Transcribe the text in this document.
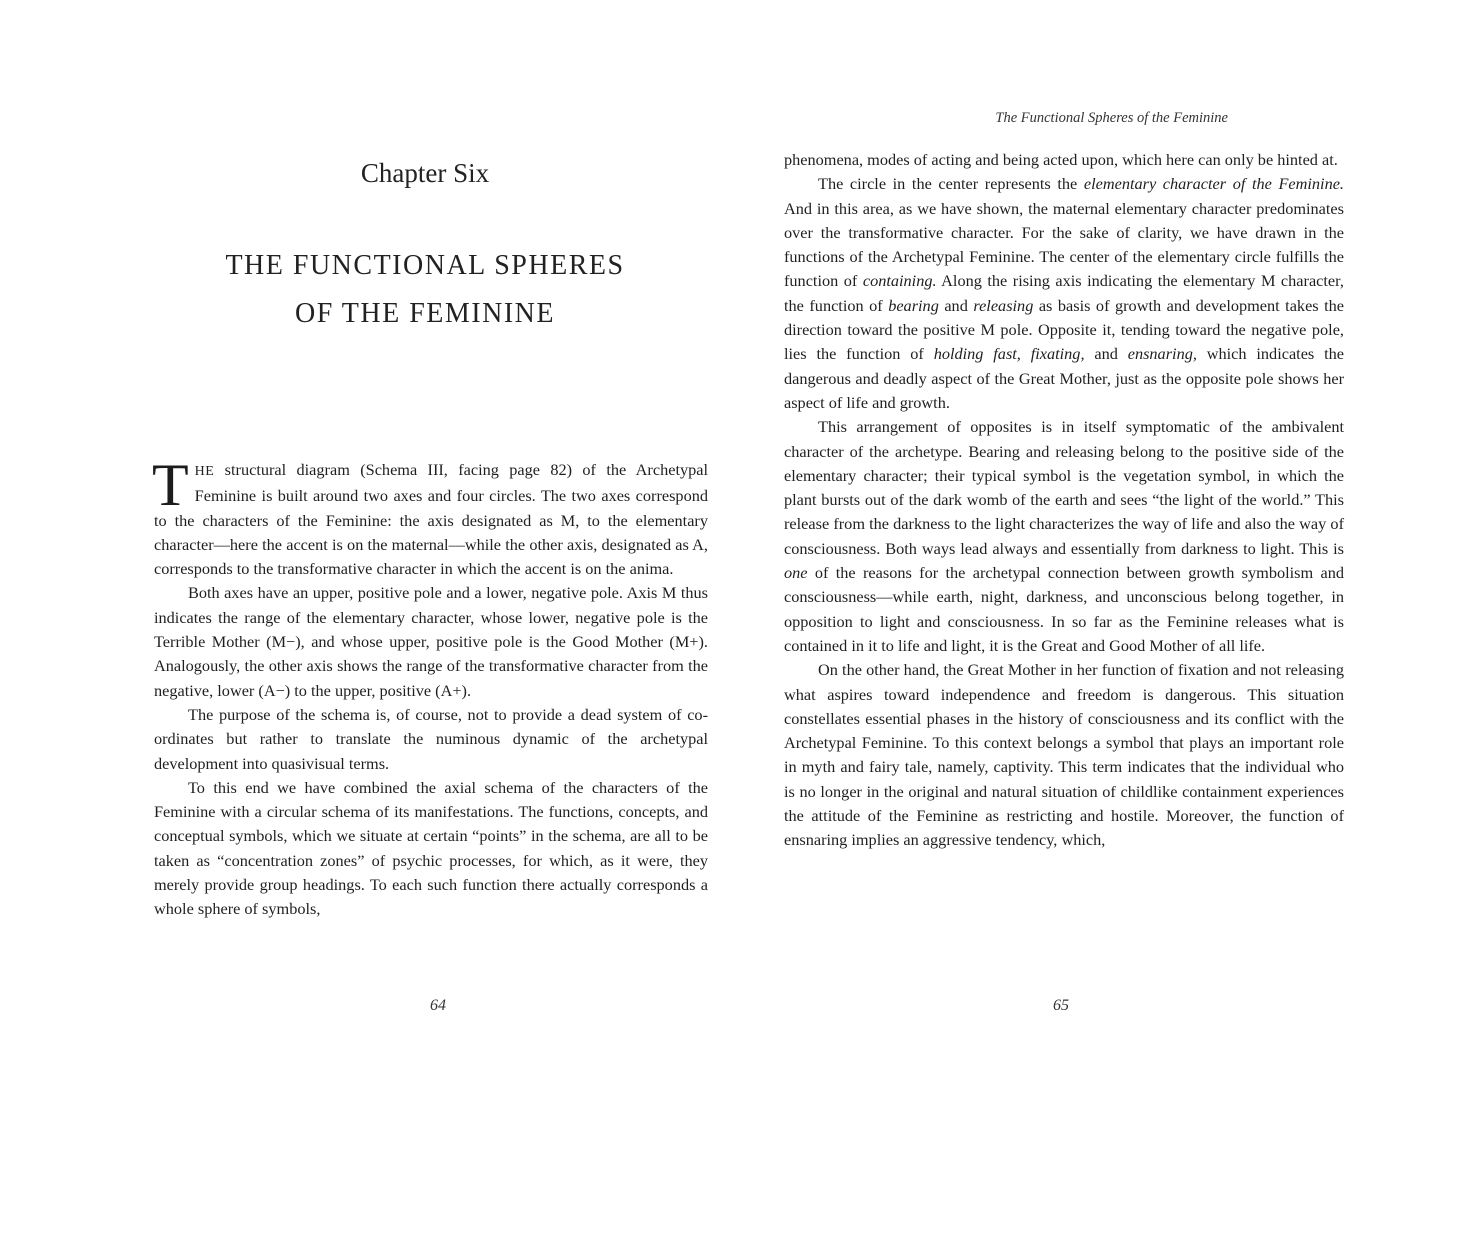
Chapter Six
THE FUNCTIONAL SPHERES
OF THE FEMININE

THE structural diagram (Schema III, facing page 82) of the Archetypal Feminine is built around two axes and four circles. The two axes correspond to the characters of the Feminine: the axis designated as M, to the elementary character—here the accent is on the maternal—while the other axis, designated as A, corresponds to the transformative character in which the accent is on the anima.

Both axes have an upper, positive pole and a lower, negative pole. Axis M thus indicates the range of the elementary character, whose lower, negative pole is the Terrible Mother (M−), and whose upper, positive pole is the Good Mother (M+). Analogously, the other axis shows the range of the transformative character from the negative, lower (A−) to the upper, positive (A+).

The purpose of the schema is, of course, not to provide a dead system of co-ordinates but rather to translate the numinous dynamic of the archetypal development into quasivisual terms.

To this end we have combined the axial schema of the characters of the Feminine with a circular schema of its manifestations. The functions, concepts, and conceptual symbols, which we situate at certain “points” in the schema, are all to be taken as “concentration zones” of psychic processes, for which, as it were, they merely provide group headings. To each such function there actually corresponds a whole sphere of symbols,

64
The Functional Spheres of the Feminine

phenomena, modes of acting and being acted upon, which here can only be hinted at.

The circle in the center represents the elementary character of the Feminine. And in this area, as we have shown, the maternal elementary character predominates over the transformative character. For the sake of clarity, we have drawn in the functions of the Archetypal Feminine. The center of the elementary circle fulfills the function of containing. Along the rising axis indicating the elementary M character, the function of bearing and releasing as basis of growth and development takes the direction toward the positive M pole. Opposite it, tending toward the negative pole, lies the function of holding fast, fixating, and ensnaring, which indicates the dangerous and deadly aspect of the Great Mother, just as the opposite pole shows her aspect of life and growth.

This arrangement of opposites is in itself symptomatic of the ambivalent character of the archetype. Bearing and releasing belong to the positive side of the elementary character; their typical symbol is the vegetation symbol, in which the plant bursts out of the dark womb of the earth and sees “the light of the world.” This release from the darkness to the light characterizes the way of life and also the way of consciousness. Both ways lead always and essentially from darkness to light. This is one of the reasons for the archetypal connection between growth symbolism and consciousness—while earth, night, darkness, and unconscious belong together, in opposition to light and consciousness. In so far as the Feminine releases what is contained in it to life and light, it is the Great and Good Mother of all life.

On the other hand, the Great Mother in her function of fixation and not releasing what aspires toward independence and freedom is dangerous. This situation constellates essential phases in the history of consciousness and its conflict with the Archetypal Feminine. To this context belongs a symbol that plays an important role in myth and fairy tale, namely, captivity. This term indicates that the individual who is no longer in the original and natural situation of childlike containment experiences the attitude of the Feminine as restricting and hostile. Moreover, the function of ensnaring implies an aggressive tendency, which,

65
